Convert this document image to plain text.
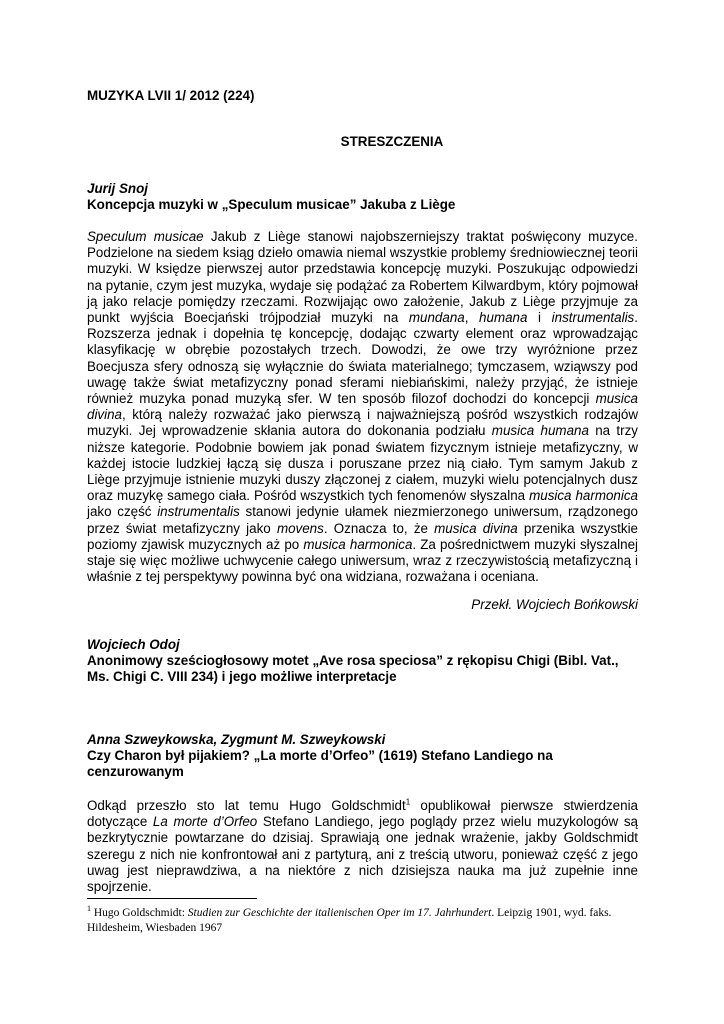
MUZYKA LVII 1/ 2012 (224)
STRESZCZENIA
Jurij Snoj
Koncepcja muzyki w „Speculum musicae” Jakuba z Liège

Speculum musicae Jakub z Liège stanowi najobszerniejszy traktat poświęcony muzyce. Podzielone na siedem ksiąg dzieło omawia niemal wszystkie problemy średniowiecznej teorii muzyki. W księdze pierwszej autor przedstawia koncepcję muzyki. Poszukując odpowiedzi na pytanie, czym jest muzyka, wydaje się podążać za Robertem Kilwardbym, który pojmował ją jako relacje pomiędzy rzeczami. Rozwijając owo założenie, Jakub z Liège przyjmuje za punkt wyjścia Boecjański trójpodział muzyki na mundana, humana i instrumentalis. Rozszerza jednak i dopełnia tę koncepcję, dodając czwarty element oraz wprowadzając klasyfikację w obrębie pozostałych trzech. Dowodzi, że owe trzy wyróżnione przez Boecjusza sfery odnoszą się wyłącznie do świata materialnego; tymczasem, wziąwszy pod uwagę także świat metafizyczny ponad sferami niebiańskimi, należy przyjąć, że istnieje również muzyka ponad muzyką sfer. W ten sposób filozof dochodzi do koncepcji musica divina, którą należy rozważać jako pierwszą i najważniejszą pośród wszystkich rodzajów muzyki. Jej wprowadzenie skłania autora do dokonania podziału musica humana na trzy niższe kategorie. Podobnie bowiem jak ponad światem fizycznym istnieje metafizyczny, w każdej istocie ludzkiej łączą się dusza i poruszane przez nią ciało. Tym samym Jakub z Liège przyjmuje istnienie muzyki duszy złączonej z ciałem, muzyki wielu potencjalnych dusz oraz muzykę samego ciała. Pośród wszystkich tych fenomenów słyszalna musica harmonica jako część instrumentalis stanowi jedynie ułamek niezmierzonego uniwersum, rządzonego przez świat metafizyczny jako movens. Oznacza to, że musica divina przenika wszystkie poziomy zjawisk muzycznych aż po musica harmonica. Za pośrednictwem muzyki słyszalnej staje się więc możliwe uchwycenie całego uniwersum, wraz z rzeczywistością metafizyczną i właśnie z tej perspektywy powinna być ona widziana, rozważana i oceniana.

Przekł. Wojciech Bońkowski
Wojciech Odoj
Anonimowy sześciogłosowy motet „Ave rosa speciosa” z rękopisu Chigi (Bibl. Vat., Ms. Chigi C. VIII 234) i jego możliwe interpretacje
Anna Szweykowska, Zygmunt M. Szweykowski
Czy Charon był pijakiem? „La morte d’Orfeo” (1619) Stefano Landiego na cenzurowanym

Odkąd przeszło sto lat temu Hugo Goldschmidt$^1$ opublikował pierwsze stwierdzenia dotyczące La morte d’Orfeo Stefano Landiego, jego poglądy przez wielu muzykologów są bezkrytycznie powtarzane do dzisiaj. Sprawiają one jednak wrażenie, jakby Goldschmidt szeregu z nich nie konfrontował ani z partyturą, ani z treścią utworu, ponieważ część z jego uwag jest nieprawdziwa, a na niektóre z nich dzisiejsza nauka ma już zupełnie inne spojrzenie.

$^1$ Hugo Goldschmidt: Studien zur Geschichte der italienischen Oper im 17. Jahrhundert. Leipzig 1901, wyd. faks. Hildesheim, Wiesbaden 1967
